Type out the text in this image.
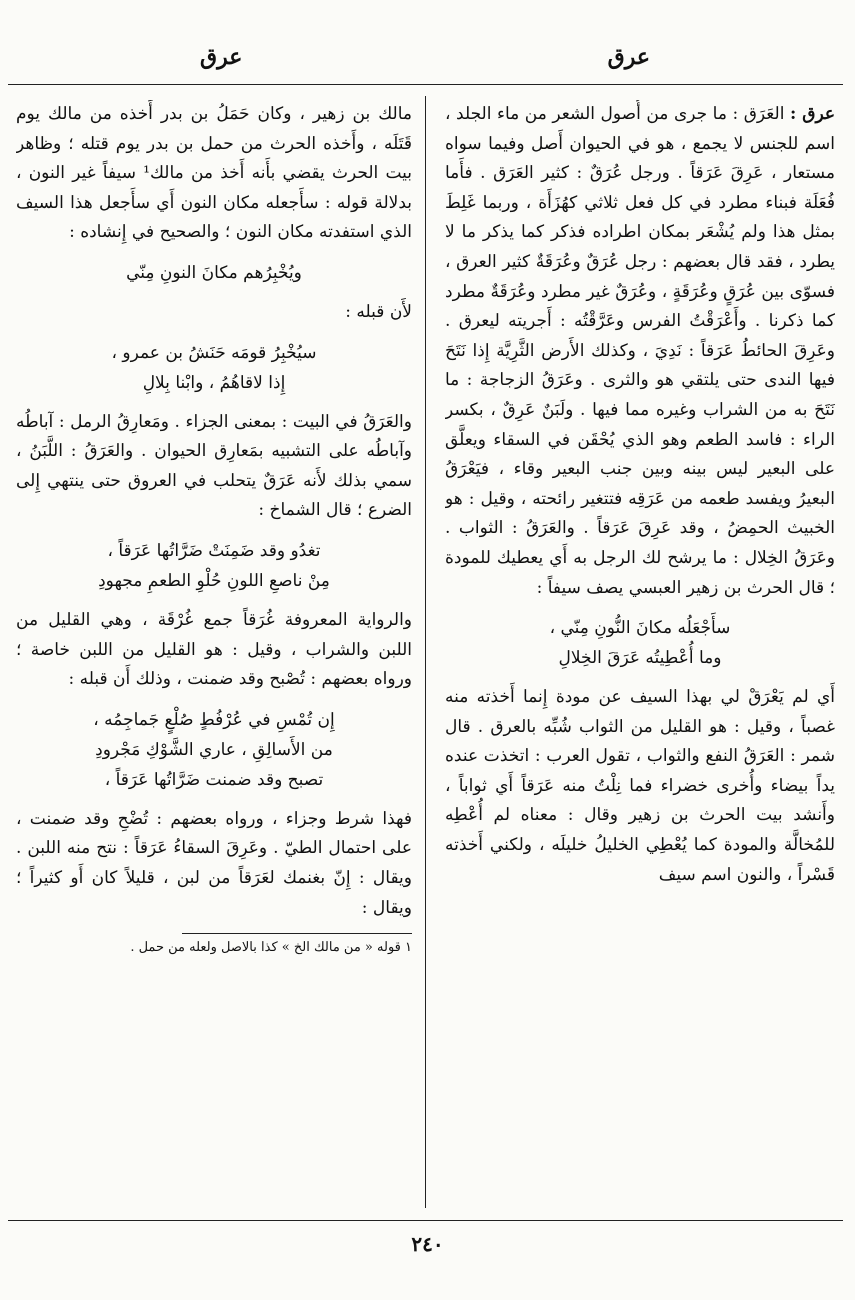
عرق
عرق

عرق : العَرَق : ما جرى من أُصول الشعر من ماء الجلد ، اسم للجنس لا يجمع ، هو في الحيوان أَصل وفيما سواه مستعار ، عَرِقَ عَرَقاً . ورجل عُرَقٌ : كثير العَرَق . فأَما فُعَلَة فبناء مطرد في كل فعل ثلاثي كهُزَأَة ، وربما غَلِطَ بمثل هذا ولم يُشْعَر بمكان اطراده فذكر كما يذكر ما لا يطرد ، فقد قال بعضهم : رجل عُرَقٌ وعُرَقَةٌ كثير العرق ، فسوّى بين عُرَقٍ وعُرَقَةٍ ، وعُرَقٌ غير مطرد وعُرَقَةٌ مطرد كما ذكرنا . وأَعْرَقْتُ الفرس وعَرَّقْتُه : أَجريته ليعرق . وعَرِقَ الحائطُ عَرَقاً : نَدِيَ ، وكذلك الأَرض الثَّرِيَّة إِذا نَتَحَ فيها الندى حتى يلتقي هو والثرى . وعَرَقُ الزجاجة : ما نَتَحَ به من الشراب وغيره مما فيها . ولَبَنٌ عَرِقٌ ، بكسر الراء : فاسد الطعم وهو الذي يُحْقَن في السقاء ويعلَّق على البعير ليس بينه وبين جنب البعير وقاء ، فيَعْرَقُ البعيرُ ويفسد طعمه من عَرَقِه فتتغير رائحته ، وقيل : هو الخبيث الحمِضُ ، وقد عَرِقَ عَرَقاً . والعَرَقُ : الثواب . وعَرَقُ الخِلال : ما يرشح لك الرجل به أَي يعطيك للمودة ؛ قال الحرث بن زهير العبسي يصف سيفاً :

سأَجْعَلُه مكانَ النُّونِ مِنّي ،
وما أُعْطِيتُه عَرَقَ الخِلالِ

أَي لم يَعْرَقْ لي بهذا السيف عن مودة إِنما أَخذته منه غصباً ، وقيل : هو القليل من الثواب شُبِّه بالعرق . قال شمر : العَرَقُ النفع والثواب ، تقول العرب : اتخذت عنده يداً بيضاء وأُخرى خضراء فما نِلْتُ منه عَرَقاً أَي ثواباً ، وأَنشد بيت الحرث بن زهير وقال : معناه لم أُعْطِه للمُخالَّة والمودة كما يُعْطِي الخليلُ خليلَه ، ولكني أَخذته قَسْراً ، والنون اسم سيف

مالك بن زهير ، وكان حَمَلُ بن بدر أَخذه من مالك يوم قَتَلَه ، وأَخذه الحرث من حمل بن بدر يوم قتله ؛ وظاهر بيت الحرث يقضي بأَنه أَخذ من مالك¹ سيفاً غير النون ، بدلالة قوله : سأَجعله مكان النون أَي سأَجعل هذا السيف الذي استفدته مكان النون ؛ والصحيح في إِنشاده :

ويُخْبِرُهم مكانَ النونِ مِنّي

لأَن قبله :

سيُخْبِرُ قومَه حَنَشُ بن عمرو ،
إِذا لاقاهُمُ ، وابْنا بِلالِ

والعَرَقُ في البيت : بمعنى الجزاء . ومَعارِقُ الرمل : آباطُه وآباطُه على التشبيه بمَعارِق الحيوان . والعَرَقُ : اللَّبَنُ ، سمي بذلك لأَنه عَرَقٌ يتحلب في العروق حتى ينتهي إِلى الضرع ؛ قال الشماخ :

تغدُو وقد ضَمِنَتْ ضَرَّاتُها عَرَقاً ،
مِنْ ناصعِ اللونِ حُلْوِ الطعمِ مجهودِ

والرواية المعروفة غُرَقاً جمع غُرْقَة ، وهي القليل من اللبن والشراب ، وقيل : هو القليل من اللبن خاصة ؛ ورواه بعضهم : تُصْبح وقد ضمنت ، وذلك أَن قبله :

إِن تُمْسِ في عُرْفُطٍ صُلْعٍ جَماجِمُه ،
من الأَسالِقِ ، عاري الشَّوْكِ مَجْرودِ
تصبح وقد ضمنت ضَرَّاتُها عَرَقاً ،

فهذا شرط وجزاء ، ورواه بعضهم : تُضْحِ وقد ضمنت ، على احتمال الطيّ . وعَرِقَ السقاءُ عَرَقاً : نتح منه اللبن . ويقال : إِنّ بغنمك لعَرَقاً من لبن ، قليلاً كان أَو كثيراً ؛ ويقال :

١ قوله « من مالك الخ » كذا بالاصل ولعله من حمل .

٢٤٠
